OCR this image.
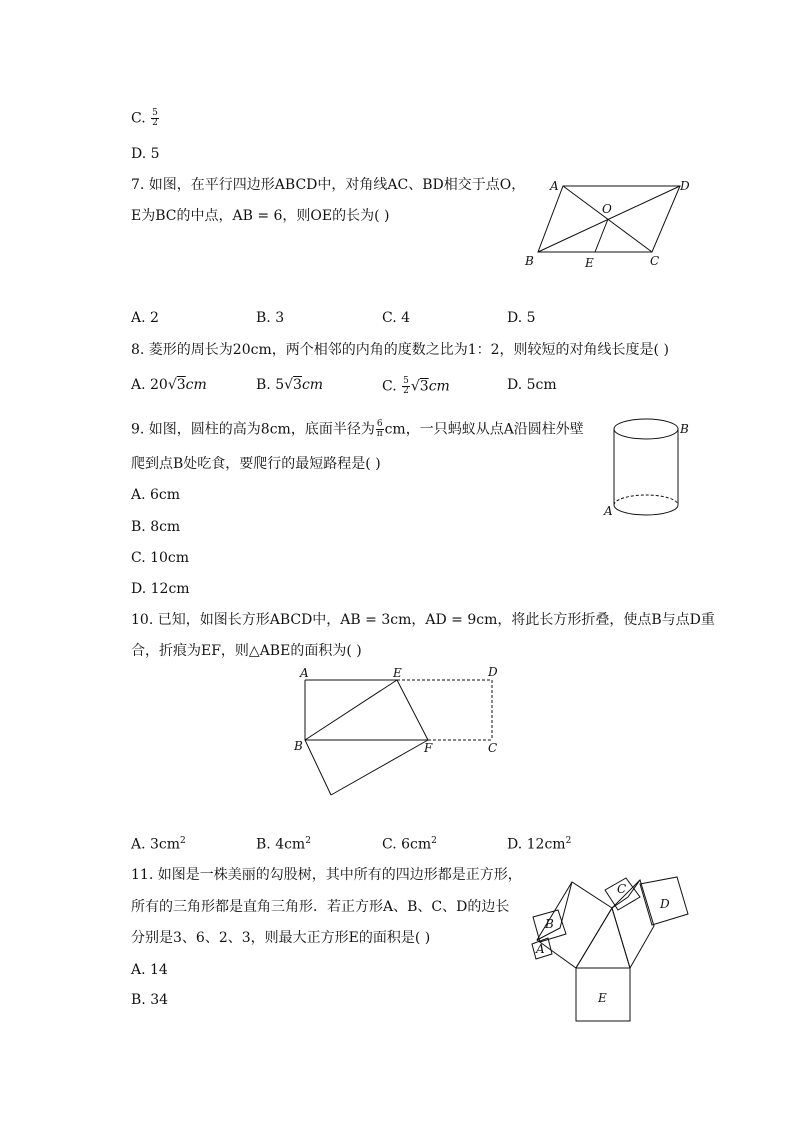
C. $\frac{5}{2}$
D. 5
7. 如图，在平行四边形ABCD中，对角线AC、BD相交于点O，
E为BC的中点，AB = 6，则OE的长为( )
A	D
O
B	E	C
A. 2	B. 3	C. 4	D. 5
8. 菱形的周长为20cm，两个相邻的内角的度数之比为1：2，则较短的对角线长度是( )
A. 20√3cm	B. 5√3cm	C. $\frac{5}{2} √3cm$	D. 5cm
9. 如图，圆柱的高为8cm，底面半径为 $\frac{6}{\pi}$ cm，一只蚂蚁从点A沿圆柱外壁
爬到点B处吃食，要爬行的最短路程是( )
A. 6cm
B. 8cm
C. 10cm
D. 12cm
B
A
10. 已知，如图长方形ABCD中，AB = 3cm，AD = 9cm，将此长方形折叠，使点B与点D重
合，折痕为EF，则△ABE的面积为( )
A	E	D
B	F	C
A. $3cm^2$	B. $4cm^2$	C. $6cm^2$	D. $12cm^2$
11. 如图是一株美丽的勾股树，其中所有的四边形都是正方形，
所有的三角形都是直角三角形．若正方形A、B、C、D的边长
分别是3、6、2、3，则最大正方形E的面积是( )
A. 14
B. 34	E
A
B
C
D
